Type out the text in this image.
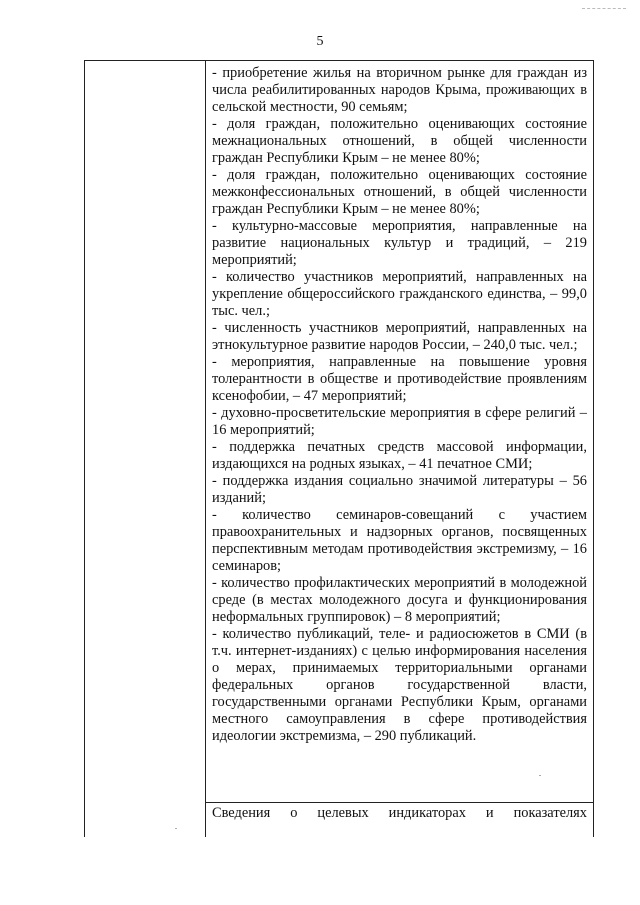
5

- приобретение жилья на вторичном рынке для граждан из числа реабилитированных народов Крыма, проживающих в сельской местности, 90 семьям;

- доля граждан, положительно оценивающих состояние межнациональных отношений, в общей численности граждан Республики Крым – не менее 80%;

- доля граждан, положительно оценивающих состояние межконфессиональных отношений, в общей численности граждан Республики Крым – не менее 80%;

- культурно-массовые мероприятия, направленные на развитие национальных культур и традиций, – 219 мероприятий;

- количество участников мероприятий, направленных на укрепление общероссийского гражданского единства, – 99,0 тыс. чел.;

- численность участников мероприятий, направленных на этнокультурное развитие народов России, – 240,0 тыс. чел.;

- мероприятия, направленные на повышение уровня толерантности в обществе и противодействие проявлениям ксенофобии, – 47 мероприятий;

- духовно-просветительские мероприятия в сфере религий – 16 мероприятий;

- поддержка печатных средств массовой информации, издающихся на родных языках, – 41 печатное СМИ;

- поддержка издания социально значимой литературы – 56 изданий;

- количество семинаров-совещаний с участием правоохранительных и надзорных органов, посвященных перспективным методам противодействия экстремизму, – 16 семинаров;

- количество профилактических мероприятий в молодежной среде (в местах молодежного досуга и функционирования неформальных группировок) – 8 мероприятий;

- количество публикаций, теле- и радиосюжетов в СМИ (в т.ч. интернет-изданиях) с целью информирования населения о мерах, принимаемых территориальными органами федеральных органов государственной власти, государственными органами Республики Крым, органами местного самоуправления в сфере противодействия идеологии экстремизма, – 290 публикаций.

Сведения о целевых индикаторах и показателях
